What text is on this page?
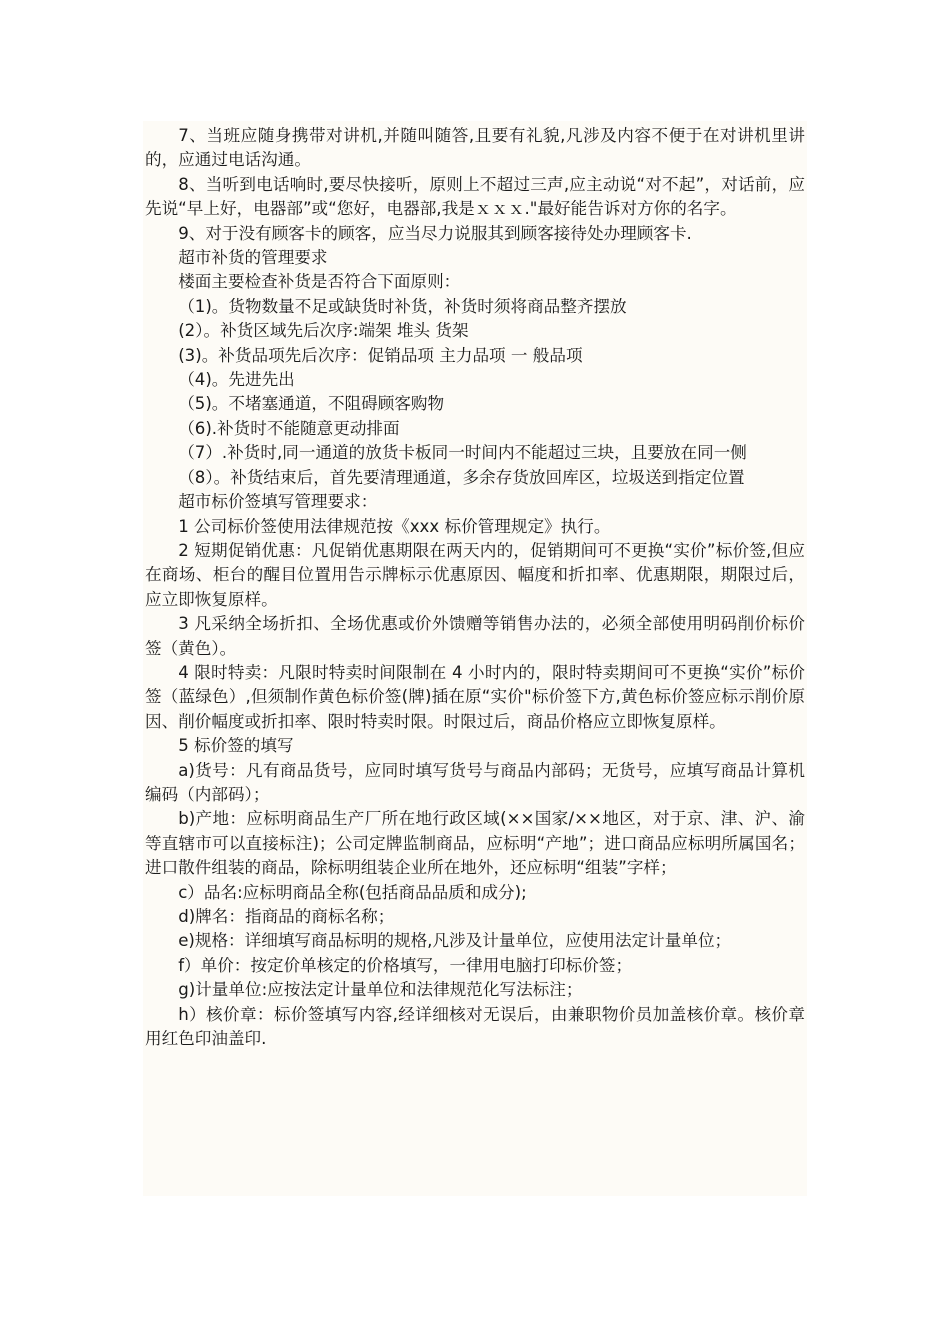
7、当班应随身携带对讲机,并随叫随答,且要有礼貌,凡涉及内容不便于在对讲机里讲的，应通过电话沟通。

8、当听到电话响时,要尽快接听，原则上不超过三声,应主动说“对不起”，对话前，应先说“早上好，电器部”或“您好，电器部,我是ｘｘｘ."最好能告诉对方你的名字。

9、对于没有顾客卡的顾客，应当尽力说服其到顾客接待处办理顾客卡.

超市补货的管理要求

楼面主要检查补货是否符合下面原则：

（1)。货物数量不足或缺货时补货，补货时须将商品整齐摆放

(2）。补货区域先后次序:端架 堆头 货架

(3)。补货品项先后次序：促销品项 主力品项 一 般品项

（4)。先进先出

（5)。不堵塞通道，不阻碍顾客购物

（6).补货时不能随意更动排面

（7）.补货时,同一通道的放货卡板同一时间内不能超过三块，且要放在同一侧

（8）。补货结束后，首先要清理通道，多余存货放回库区，垃圾送到指定位置

超市标价签填写管理要求：

1 公司标价签使用法律规范按《xxx 标价管理规定》执行。

2 短期促销优惠：凡促销优惠期限在两天内的，促销期间可不更换“实价”标价签,但应在商场、柜台的醒目位置用告示牌标示优惠原因、幅度和折扣率、优惠期限，期限过后，应立即恢复原样。

3 凡采纳全场折扣、全场优惠或价外馈赠等销售办法的，必须全部使用明码削价标价签（黄色）。

4 限时特卖：凡限时特卖时间限制在 4 小时内的，限时特卖期间可不更换“实价”标价签（蓝绿色）,但须制作黄色标价签(牌)插在原“实价"标价签下方,黄色标价签应标示削价原因、削价幅度或折扣率、限时特卖时限。时限过后，商品价格应立即恢复原样。

5 标价签的填写

a)货号：凡有商品货号，应同时填写货号与商品内部码；无货号，应填写商品计算机编码（内部码）；

b)产地：应标明商品生产厂所在地行政区域(××国家/××地区，对于京、津、沪、渝等直辖市可以直接标注)；公司定牌监制商品，应标明“产地”；进口商品应标明所属国名；进口散件组装的商品，除标明组装企业所在地外，还应标明“组装”字样；

c）品名:应标明商品全称(包括商品品质和成分);

d)牌名：指商品的商标名称；

e)规格：详细填写商品标明的规格,凡涉及计量单位，应使用法定计量单位；

f）单价：按定价单核定的价格填写，一律用电脑打印标价签；

g)计量单位:应按法定计量单位和法律规范化写法标注；

h）核价章：标价签填写内容,经详细核对无误后，由兼职物价员加盖核价章。核价章用红色印油盖印.
